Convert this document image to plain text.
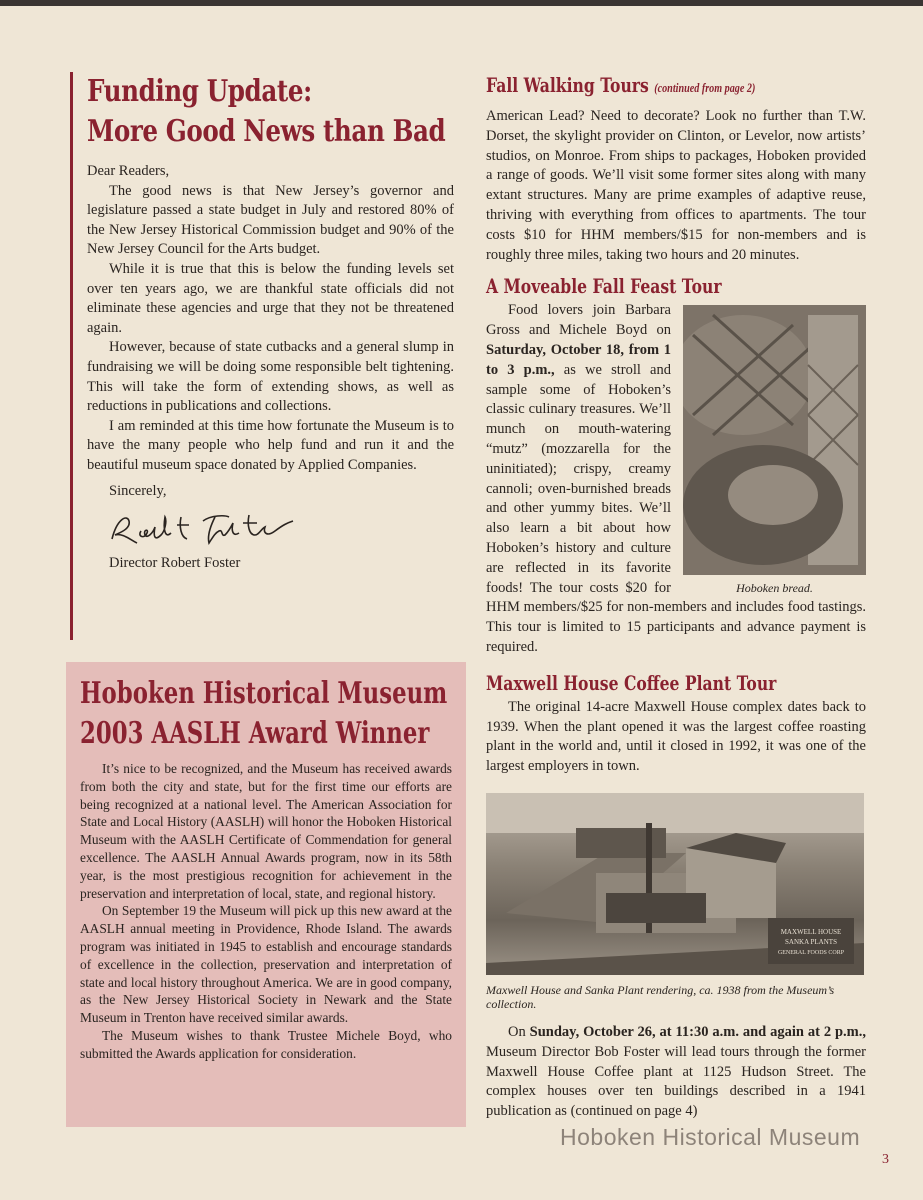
Funding Update:
More Good News than Bad

Dear Readers,

The good news is that New Jersey’s governor and legislature passed a state budget in July and restored 80% of the New Jersey Historical Commission budget and 90% of the New Jersey Council for the Arts budget.

While it is true that this is below the funding levels set over ten years ago, we are thankful state officials did not eliminate these agencies and urge that they not be threatened again.

However, because of state cutbacks and a general slump in fundraising we will be doing some responsible belt tightening. This will take the form of extending shows, as well as reductions in publications and collections.

I am reminded at this time how fortunate the Museum is to have the many people who help fund and run it and the beautiful museum space donated by Applied Companies.

Sincerely,

Director Robert Foster
Hoboken Historical Museum
2003 AASLH Award Winner

It’s nice to be recognized, and the Museum has received awards from both the city and state, but for the first time our efforts are being recognized at a national level. The American Association for State and Local History (AASLH) will honor the Hoboken Historical Museum with the AASLH Certificate of Commendation for general excellence. The AASLH Annual Awards program, now in its 58th year, is the most prestigious recognition for achievement in the preservation and interpretation of local, state, and regional history.

On September 19 the Museum will pick up this new award at the AASLH annual meeting in Providence, Rhode Island. The awards program was initiated in 1945 to establish and encourage standards of excellence in the collection, preservation and interpretation of state and local history throughout America. We are in good company, as the New Jersey Historical Society in Newark and the State Museum in Trenton have received similar awards.

The Museum wishes to thank Trustee Michele Boyd, who submitted the Awards application for consideration.

Fall Walking Tours (continued from page 2)

American Lead? Need to decorate? Look no further than T.W. Dorset, the skylight provider on Clinton, or Levelor, now artists’ studios, on Monroe. From ships to packages, Hoboken provided a range of goods. We’ll visit some former sites along with many extant structures. Many are prime examples of adaptive reuse, thriving with everything from offices to apartments. The tour costs $10 for HHM members/$15 for non-members and is roughly three miles, taking two hours and 20 minutes.

A Moveable Fall Feast Tour
Hoboken bread.

Food lovers join Barbara Gross and Michele Boyd on Saturday, October 18, from 1 to 3 p.m., as we stroll and sample some of Hoboken’s classic culinary treasures. We’ll munch on mouth-watering “mutz” (mozzarella for the uninitiated); crispy, creamy cannoli; oven-burnished breads and other yummy bites. We’ll also learn a bit about how Hoboken’s history and culture are reflected in its favorite foods! The tour costs $20 for HHM members/$25 for non-members and includes food tastings. This tour is limited to 15 participants and advance payment is required.

Maxwell House Coffee Plant Tour

The original 14-acre Maxwell House complex dates back to 1939. When the plant opened it was the largest coffee roasting plant in the world and, until it closed in 1992, it was one of the largest employers in town.

MAXWELL HOUSE
SANKA PLANTS
GENERAL FOODS CORP
Maxwell House and Sanka Plant rendering, ca. 1938 from the Museum’s collection.

On Sunday, October 26, at 11:30 a.m. and again at 2 p.m., Museum Director Bob Foster will lead tours through the former Maxwell House Coffee plant at 1125 Hudson Street. The complex houses over ten buildings described in a 1941 publication as (continued on page 4)

Hoboken Historical Museum
3
